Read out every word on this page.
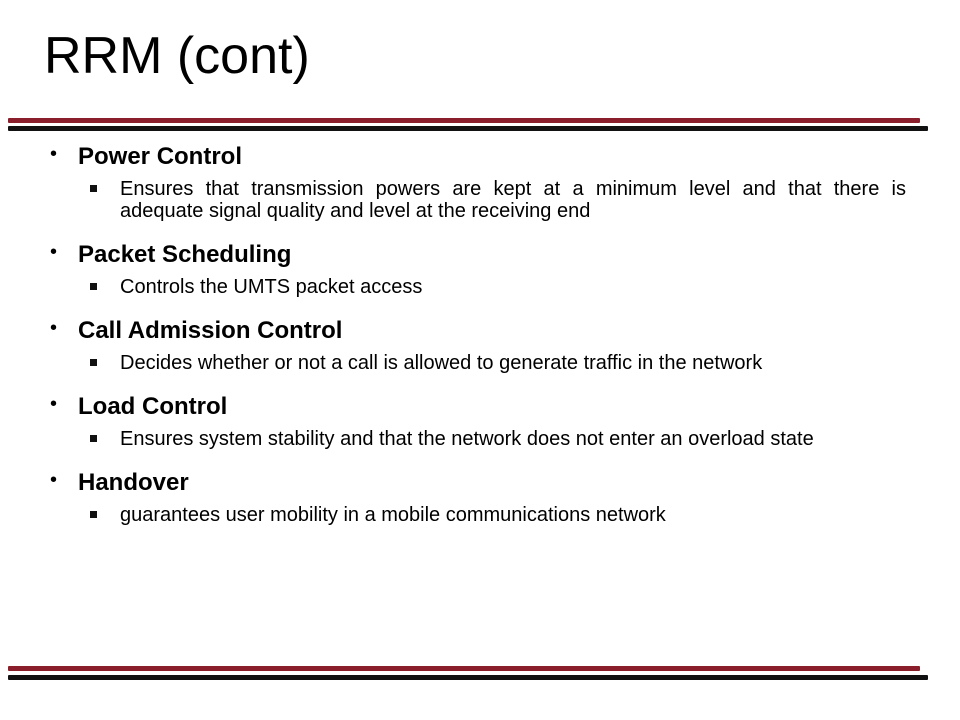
RRM (cont)
• Power Control
Ensures that transmission powers are kept at a minimum level and that there is adequate signal quality and level at the receiving end
• Packet Scheduling
Controls the UMTS packet access
• Call Admission Control
Decides whether or not a call is allowed to generate traffic in the network
• Load Control
Ensures system stability and that the network does not enter an overload state
• Handover
guarantees user mobility in a mobile communications network
